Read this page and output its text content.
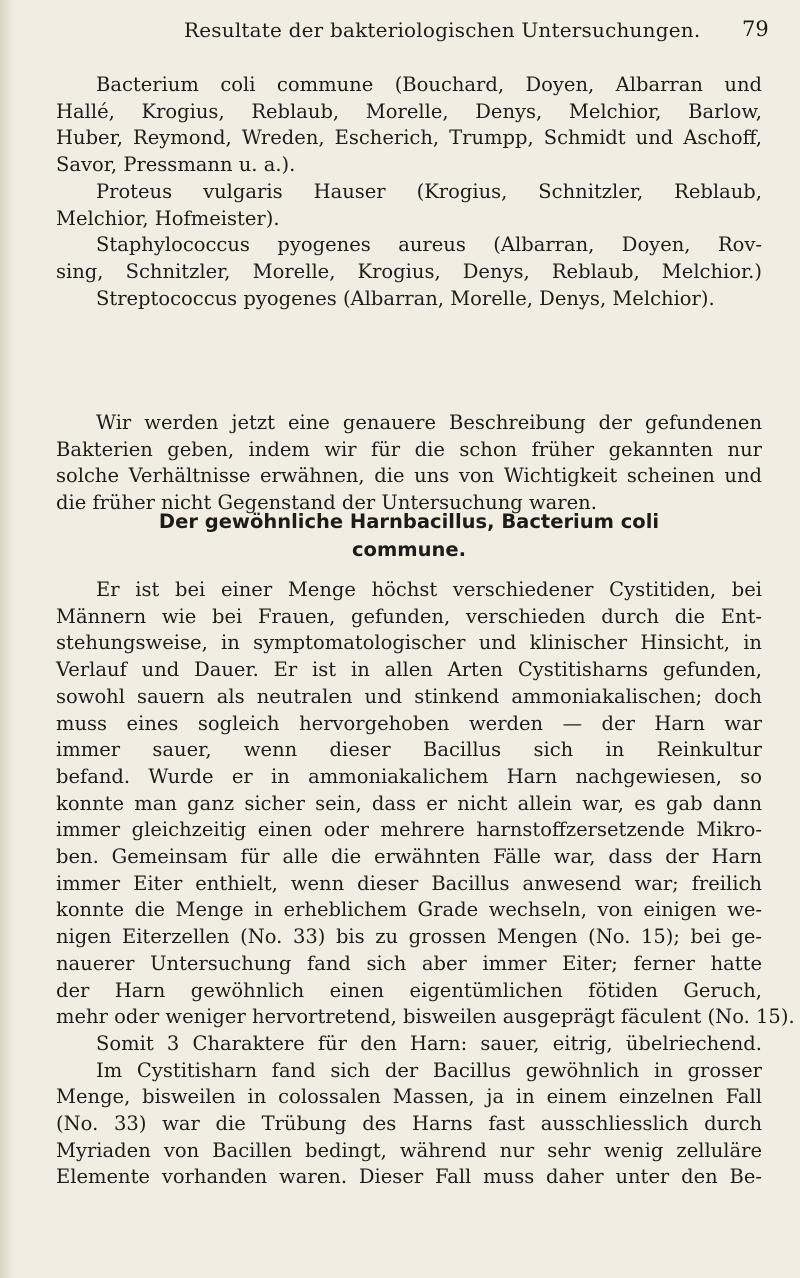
Resultate der bakteriologischen Untersuchungen. 79
Bacterium coli commune (Bouchard, Doyen, Albarran und
Hallé, Krogius, Reblaub, Morelle, Denys, Melchior, Barlow,
Huber, Reymond, Wreden, Escherich, Trumpp, Schmidt und Aschoff,
Savor, Pressmann u. a.).
Proteus vulgaris Hauser (Krogius, Schnitzler, Reblaub,
Melchior, Hofmeister).
Staphylococcus pyogenes aureus (Albarran, Doyen, Rov-
sing, Schnitzler, Morelle, Krogius, Denys, Reblaub, Melchior.)
Streptococcus pyogenes (Albarran, Morelle, Denys, Melchior).
Wir werden jetzt eine genauere Beschreibung der gefundenen
Bakterien geben, indem wir für die schon früher gekannten nur
solche Verhältnisse erwähnen, die uns von Wichtigkeit scheinen und
die früher nicht Gegenstand der Untersuchung waren.
Der gewöhnliche Harnbacillus, Bacterium coli
commune.
Er ist bei einer Menge höchst verschiedener Cystitiden, bei
Männern wie bei Frauen, gefunden, verschieden durch die Ent-
stehungsweise, in symptomatologischer und klinischer Hinsicht, in
Verlauf und Dauer. Er ist in allen Arten Cystitisharns gefunden,
sowohl sauern als neutralen und stinkend ammoniakalischen; doch
muss eines sogleich hervorgehoben werden — der Harn war
immer sauer, wenn dieser Bacillus sich in Reinkultur
befand. Wurde er in ammoniakalichem Harn nachgewiesen, so
konnte man ganz sicher sein, dass er nicht allein war, es gab dann
immer gleichzeitig einen oder mehrere harnstoffzersetzende Mikro-
ben. Gemeinsam für alle die erwähnten Fälle war, dass der Harn
immer Eiter enthielt, wenn dieser Bacillus anwesend war; freilich
konnte die Menge in erheblichem Grade wechseln, von einigen we-
nigen Eiterzellen (No. 33) bis zu grossen Mengen (No. 15); bei ge-
nauerer Untersuchung fand sich aber immer Eiter; ferner hatte
der Harn gewöhnlich einen eigentümlichen fötiden Geruch,
mehr oder weniger hervortretend, bisweilen ausgeprägt fäculent (No. 15).
Somit 3 Charaktere für den Harn: sauer, eitrig, übelriechend.
Im Cystitisharn fand sich der Bacillus gewöhnlich in grosser
Menge, bisweilen in colossalen Massen, ja in einem einzelnen Fall
(No. 33) war die Trübung des Harns fast ausschliesslich durch
Myriaden von Bacillen bedingt, während nur sehr wenig zelluläre
Elemente vorhanden waren. Dieser Fall muss daher unter den Be-
